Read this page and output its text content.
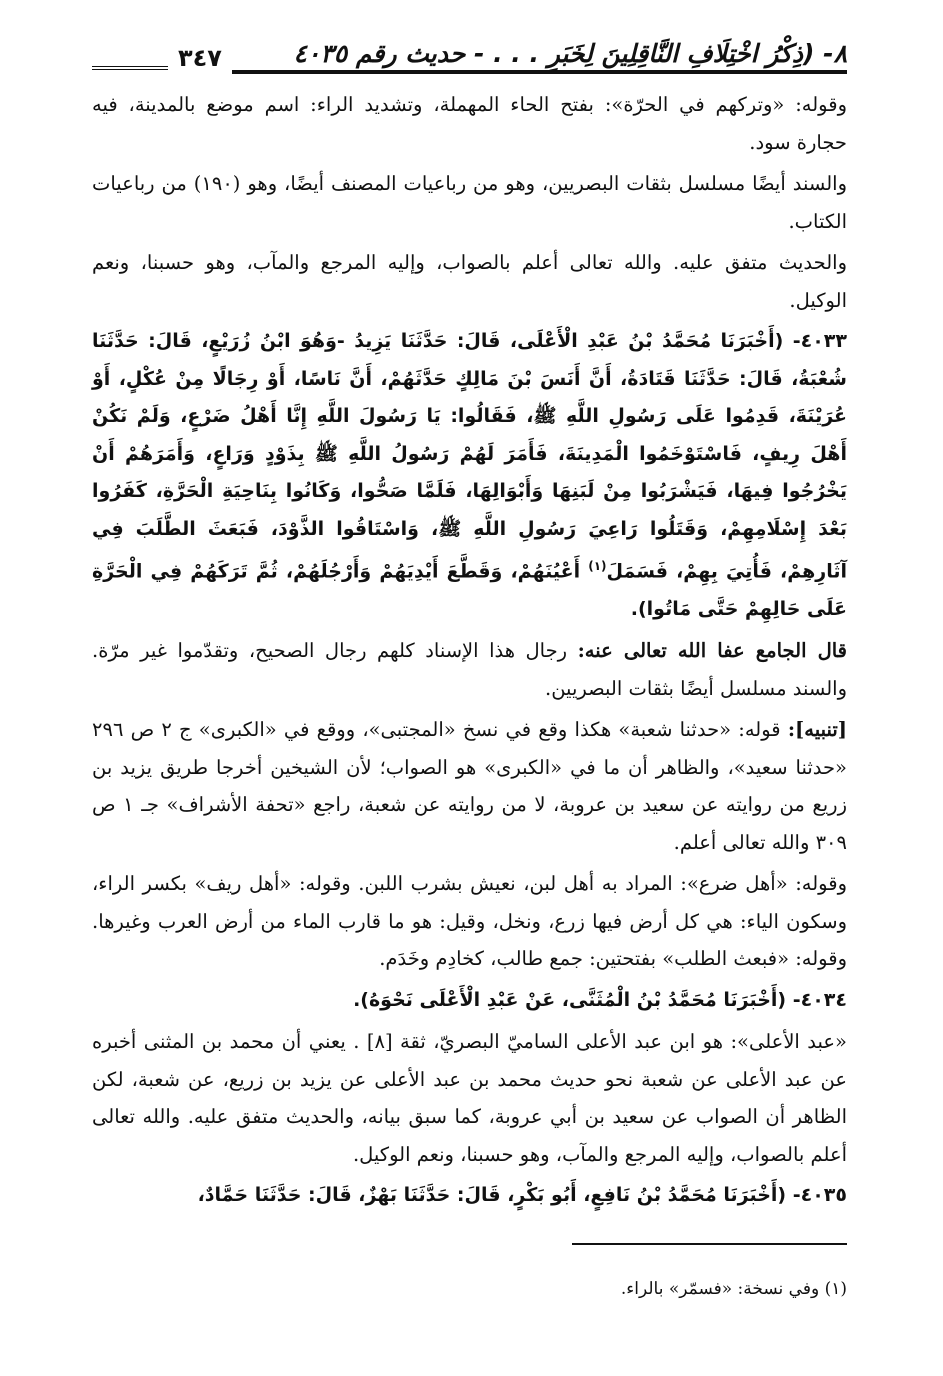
٨- (ذِكْرُ اخْتِلَافِ النَّاقِلِينَ لِخَبَرِ . . . - حديث رقم ٤٠٣٥
٣٤٧

وقوله: «وتركهم في الحرّة»: بفتح الحاء المهملة، وتشديد الراء: اسم موضع بالمدينة، فيه حجارة سود.

والسند أيضًا مسلسل بثقات البصريين، وهو من رباعيات المصنف أيضًا، وهو (١٩٠) من رباعيات الكتاب.

والحديث متفق عليه. والله تعالى أعلم بالصواب، وإليه المرجع والمآب، وهو حسبنا، ونعم الوكيل.

٤٠٣٣- (أَخْبَرَنَا مُحَمَّدُ بْنُ عَبْدِ الْأَعْلَى، قَالَ: حَدَّثَنَا يَزِيدُ -وَهُوَ ابْنُ زُرَيْعٍ، قَالَ: حَدَّثَنَا شُعْبَةُ، قَالَ: حَدَّثَنَا قَتَادَةُ، أَنَّ أَنَسَ بْنَ مَالِكٍ حَدَّثَهُمْ، أَنَّ نَاسًا، أَوْ رِجَالًا مِنْ عُكْلٍ، أَوْ عُرَيْنَةَ، قَدِمُوا عَلَى رَسُولِ اللَّهِ ﷺ، فَقَالُوا: يَا رَسُولَ اللَّهِ إِنَّا أَهْلُ ضَرْعٍ، وَلَمْ نَكُنْ أَهْلَ رِيفٍ، فَاسْتَوْخَمُوا الْمَدِينَةَ، فَأَمَرَ لَهُمْ رَسُولُ اللَّهِ ﷺ بِذَوْدٍ وَرَاعٍ، وَأَمَرَهُمْ أَنْ يَخْرُجُوا فِيهَا، فَيَشْرَبُوا مِنْ لَبَنِهَا وَأَبْوَالِهَا، فَلَمَّا صَحُّوا، وَكَانُوا بِنَاحِيَةِ الْحَرَّةِ، كَفَرُوا بَعْدَ إِسْلَامِهِمْ، وَقَتَلُوا رَاعِيَ رَسُولِ اللَّهِ ﷺ، وَاسْتَاقُوا الذَّوْدَ، فَبَعَثَ الطَّلَبَ فِي آثَارِهِمْ، فَأُتِيَ بِهِمْ، فَسَمَلَ$^{(١)}$ أَعْيُنَهُمْ، وَقَطَّعَ أَيْدِيَهُمْ وَأَرْجُلَهُمْ، ثُمَّ تَرَكَهُمْ فِي الْحَرَّةِ عَلَى حَالِهِمْ حَتَّى مَاتُوا).

قال الجامع عفا الله تعالى عنه: رجال هذا الإسناد كلهم رجال الصحيح، وتقدّموا غير مرّة. والسند مسلسل أيضًا بثقات البصريين.

[تنبيه]: قوله: «حدثنا شعبة» هكذا وقع في نسخ «المجتبى»، ووقع في «الكبرى» ج ٢ ص ٢٩٦ «حدثنا سعيد»، والظاهر أن ما في «الكبرى» هو الصواب؛ لأن الشيخين أخرجا طريق يزيد بن زريع من روايته عن سعيد بن عروبة، لا من روايته عن شعبة، راجع «تحفة الأشراف» جـ ١ ص ٣٠٩ والله تعالى أعلم.

وقوله: «أهل ضرع»: المراد به أهل لبن، نعيش بشرب اللبن. وقوله: «أهل ريف» بكسر الراء، وسكون الياء: هي كل أرض فيها زرع، ونخل، وقيل: هو ما قارب الماء من أرض العرب وغيرها. وقوله: «فبعث الطلب» بفتحتين: جمع طالب، كخادِم وخَدَم.

٤٠٣٤- (أَخْبَرَنَا مُحَمَّدُ بْنُ الْمُثَنَّى، عَنْ عَبْدِ الْأَعْلَى نَحْوَهُ).

«عبد الأعلى»: هو ابن عبد الأعلى الساميّ البصريّ، ثقة [٨] . يعني أن محمد بن المثنى أخبره عن عبد الأعلى عن شعبة نحو حديث محمد بن عبد الأعلى عن يزيد بن زريع، عن شعبة، لكن الظاهر أن الصواب عن سعيد بن أبي عروبة، كما سبق بيانه، والحديث متفق عليه. والله تعالى أعلم بالصواب، وإليه المرجع والمآب، وهو حسبنا، ونعم الوكيل.

٤٠٣٥- (أَخْبَرَنَا مُحَمَّدُ بْنُ نَافِعٍ، أَبُو بَكْرٍ، قَالَ: حَدَّثَنَا بَهْزٌ، قَالَ: حَدَّثَنَا حَمَّادٌ،

(١) وفي نسخة: «فسمّر» بالراء.
